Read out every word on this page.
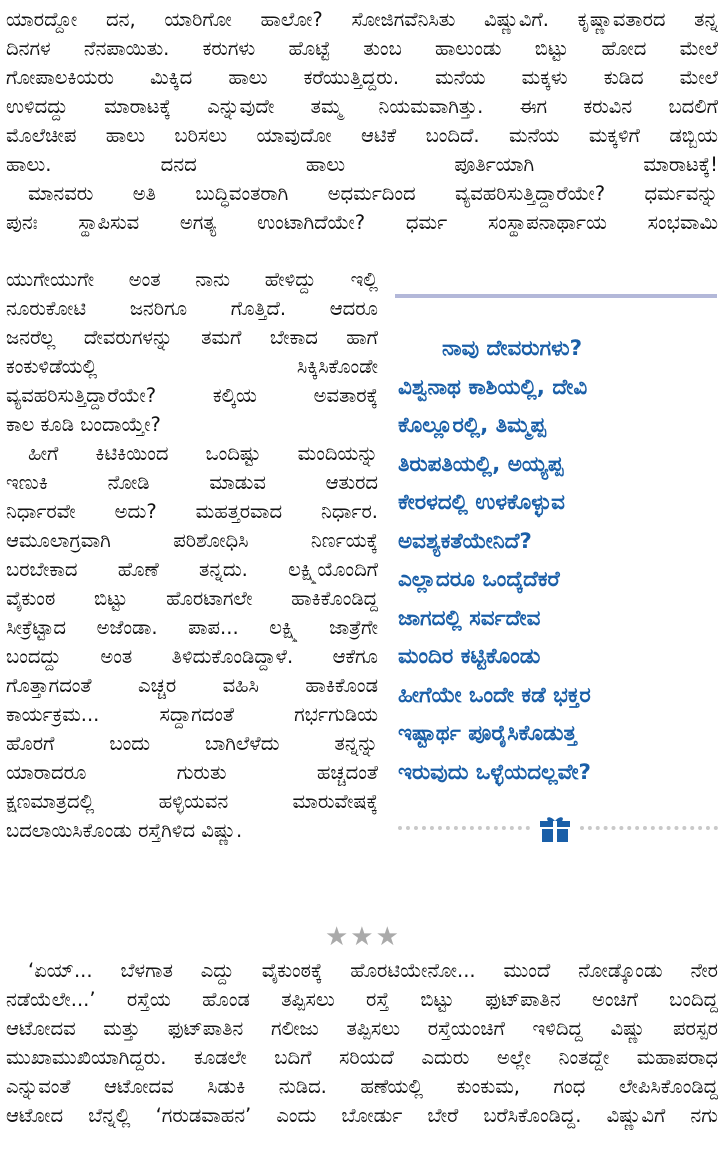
ಯಾರದ್ದೋ ದನ, ಯಾರಿಗೋ ಹಾಲೋ? ಸೋಜಿಗವೆನಿಸಿತು ವಿಷ್ಣುವಿಗೆ. ಕೃಷ್ಣಾವತಾರದ ತನ್ನ
ದಿನಗಳ ನೆನಪಾಯಿತು. ಕರುಗಳು ಹೊಟ್ಟೆ ತುಂಬ ಹಾಲುಂಡು ಬಿಟ್ಟು ಹೋದ ಮೇಲೆ
ಗೋಪಾಲಕಿಯರು ಮಿಕ್ಕಿದ ಹಾಲು ಕರೆಯುತ್ತಿದ್ದರು. ಮನೆಯ ಮಕ್ಕಳು ಕುಡಿದ ಮೇಲೆ
ಉಳಿದದ್ದು ಮಾರಾಟಕ್ಕೆ ಎನ್ನುವುದೇ ತಮ್ಮ ನಿಯಮವಾಗಿತ್ತು. ಈಗ ಕರುವಿನ ಬದಲಿಗೆ
ಮೊಲೆಚೀಪ ಹಾಲು ಬರಿಸಲು ಯಾವುದೋ ಆಟಿಕೆ ಬಂದಿದೆ. ಮನೆಯ ಮಕ್ಕಳಿಗೆ ಡಬ್ಬಿಯ
ಹಾಲು. ದನದ ಹಾಲು ಪೂರ್ತಿಯಾಗಿ ಮಾರಾಟಕ್ಕೆ!
ಮಾನವರು ಅತಿ ಬುದ್ಧಿವಂತರಾಗಿ ಅಧರ್ಮದಿಂದ ವ್ಯವಹರಿಸುತ್ತಿದ್ದಾರೆಯೇ? ಧರ್ಮವನ್ನು
ಪುನಃ ಸ್ಥಾಪಿಸುವ ಅಗತ್ಯ ಉಂಟಾಗಿದೆಯೇ? ಧರ್ಮ ಸಂಸ್ಥಾಪನಾರ್ಥಾಯ ಸಂಭವಾಮಿ
ಯುಗೇಯುಗೇ ಅಂತ ನಾನು ಹೇಳಿದ್ದು ಇಲ್ಲಿ
ನೂರುಕೋಟಿ ಜನರಿಗೂ ಗೊತ್ತಿದೆ. ಆದರೂ
ಜನರೆಲ್ಲ ದೇವರುಗಳನ್ನು ತಮಗೆ ಬೇಕಾದ ಹಾಗೆ
ಕಂಕುಳಿಡೆಯಲ್ಲಿ ಸಿಕ್ಕಿಸಿಕೊಂಡೇ
ವ್ಯವಹರಿಸುತ್ತಿದ್ದಾರೆಯೇ? ಕಲ್ಕಿಯ ಅವತಾರಕ್ಕೆ
ಕಾಲ ಕೂಡಿ ಬಂದಾಯ್ತೇ?
ಹೀಗೆ ಕಿಟಿಕಿಯಿಂದ ಒಂದಿಷ್ಟು ಮಂದಿಯನ್ನು
ಇಣುಕಿ ನೋಡಿ ಮಾಡುವ ಆತುರದ
ನಿರ್ಧಾರವೇ ಅದು? ಮಹತ್ತರವಾದ ನಿರ್ಧಾರ.
ಆಮೂಲಾಗ್ರವಾಗಿ ಪರಿಶೋಧಿಸಿ ನಿರ್ಣಯಕ್ಕೆ
ಬರಬೇಕಾದ ಹೊಣೆ ತನ್ನದು. ಲಕ್ಷ್ಮಿಯೊಂದಿಗೆ
ವೈಕುಂಠ ಬಿಟ್ಟು ಹೊರಟಾಗಲೇ ಹಾಕಿಕೊಂಡಿದ್ದ
ಸೀಕ್ರೆಟ್ಟಾದ ಅಜೆಂಡಾ. ಪಾಪ... ಲಕ್ಷ್ಮಿ ಜಾತ್ರೆಗೇ
ಬಂದದ್ದು ಅಂತ ತಿಳಿದುಕೊಂಡಿದ್ದಾಳೆ. ಆಕೆಗೂ
ಗೊತ್ತಾಗದಂತೆ ಎಚ್ಚರ ವಹಿಸಿ ಹಾಕಿಕೊಂಡ
ಕಾರ್ಯಕ್ರಮ... ಸದ್ದಾಗದಂತೆ ಗರ್ಭಗುಡಿಯ
ಹೊರಗೆ ಬಂದು ಬಾಗಿಲೆಳೆದು ತನ್ನನ್ನು
ಯಾರಾದರೂ ಗುರುತು ಹಚ್ಚದಂತೆ
ಕ್ಷಣಮಾತ್ರದಲ್ಲಿ ಹಳ್ಳಿಯವನ ಮಾರುವೇಷಕ್ಕೆ
ಬದಲಾಯಿಸಿಕೊಂಡು ರಸ್ತೆಗಿಳಿದ ವಿಷ್ಣು.
ನಾವು ದೇವರುಗಳು?
ವಿಶ್ವನಾಥ ಕಾಶಿಯಲ್ಲಿ, ದೇವಿ
ಕೊಲ್ಲೂರಲ್ಲಿ, ತಿಮ್ಮಪ್ಪ
ತಿರುಪತಿಯಲ್ಲಿ, ಅಯ್ಯಪ್ಪ
ಕೇರಳದಲ್ಲಿ ಉಳಕೊಳ್ಳುವ
ಅವಶ್ಯಕತೆಯೇನಿದೆ?
ಎಲ್ಲಾದರೂ ಒಂದ್ಕೆದೆಕರೆ
ಜಾಗದಲ್ಲಿ ಸರ್ವದೇವ
ಮಂದಿರ ಕಟ್ಟಿಕೊಂಡು
ಹೀಗೆಯೇ ಒಂದೇ ಕಡೆ ಭಕ್ತರ
ಇಷ್ಟಾರ್ಥ ಪೂರೈಸಿಕೊಡುತ್ತ
ಇರುವುದು ಒಳ್ಳೆಯದಲ್ಲವೇ?
★★★
‘ಏಯ್... ಬೆಳಗಾತ ಎದ್ದು ವೈಕುಂಠಕ್ಕೆ ಹೊರಟಿಯೇನೋ... ಮುಂದೆ ನೋಡ್ಕೊಂಡು ನೇರ
ನಡೆಯೆಲೇ...’ ರಸ್ತೆಯ ಹೊಂಡ ತಪ್ಪಿಸಲು ರಸ್ತೆ ಬಿಟ್ಟು ಫುಟ್‌ಪಾತಿನ ಅಂಚಿಗೆ ಬಂದಿದ್ದ
ಆಟೋದವ ಮತ್ತು ಫುಟ್‌ಪಾತಿನ ಗಲೀಜು ತಪ್ಪಿಸಲು ರಸ್ತೆಯಂಚಿಗೆ ಇಳಿದಿದ್ದ ವಿಷ್ಣು ಪರಸ್ಪರ
ಮುಖಾಮುಖಿಯಾಗಿದ್ದರು. ಕೂಡಲೇ ಬದಿಗೆ ಸರಿಯದೆ ಎದುರು ಅಲ್ಲೇ ನಿಂತದ್ದೇ ಮಹಾಪರಾಧ
ಎನ್ನುವಂತೆ ಆಟೋದವ ಸಿಡುಕಿ ನುಡಿದ. ಹಣೆಯಲ್ಲಿ ಕುಂಕುಮ, ಗಂಧ ಲೇಪಿಸಿಕೊಂಡಿದ್ದ
ಆಟೋದ ಬೆನ್ನಲ್ಲಿ ‘ಗರುಡವಾಹನ’ ಎಂದು ಬೋರ್ಡು ಬೇರೆ ಬರೆಸಿಕೊಂಡಿದ್ದ. ವಿಷ್ಣುವಿಗೆ ನಗು
